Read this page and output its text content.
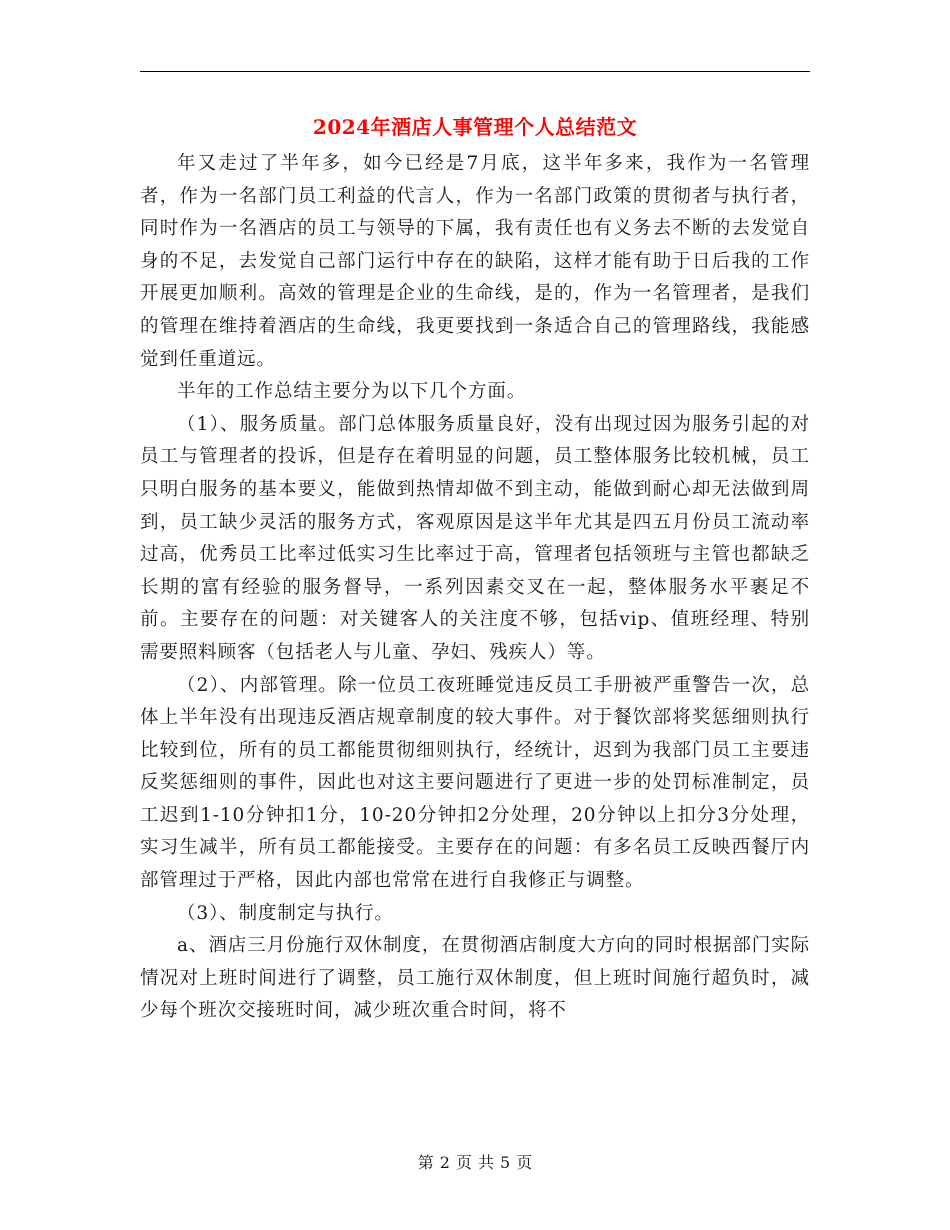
2024年酒店人事管理个人总结范文

年又走过了半年多，如今已经是7月底，这半年多来，我作为一名管理者，作为一名部门员工利益的代言人，作为一名部门政策的贯彻者与执行者，同时作为一名酒店的员工与领导的下属，我有责任也有义务去不断的去发觉自身的不足，去发觉自己部门运行中存在的缺陷，这样才能有助于日后我的工作开展更加顺利。高效的管理是企业的生命线，是的，作为一名管理者，是我们的管理在维持着酒店的生命线，我更要找到一条适合自己的管理路线，我能感觉到任重道远。

半年的工作总结主要分为以下几个方面。

（1）、服务质量。部门总体服务质量良好，没有出现过因为服务引起的对员工与管理者的投诉，但是存在着明显的问题，员工整体服务比较机械，员工只明白服务的基本要义，能做到热情却做不到主动，能做到耐心却无法做到周到，员工缺少灵活的服务方式，客观原因是这半年尤其是四五月份员工流动率过高，优秀员工比率过低实习生比率过于高，管理者包括领班与主管也都缺乏长期的富有经验的服务督导，一系列因素交叉在一起，整体服务水平裹足不前。主要存在的问题：对关键客人的关注度不够，包括vip、值班经理、特别需要照料顾客（包括老人与儿童、孕妇、残疾人）等。

（2）、内部管理。除一位员工夜班睡觉违反员工手册被严重警告一次，总体上半年没有出现违反酒店规章制度的较大事件。对于餐饮部将奖惩细则执行比较到位，所有的员工都能贯彻细则执行，经统计，迟到为我部门员工主要违反奖惩细则的事件，因此也对这主要问题进行了更进一步的处罚标准制定，员工迟到1-10分钟扣1分，10-20分钟扣2分处理，20分钟以上扣分3分处理，实习生减半，所有员工都能接受。主要存在的问题：有多名员工反映西餐厅内部管理过于严格，因此内部也常常在进行自我修正与调整。

（3）、制度制定与执行。

a、酒店三月份施行双休制度，在贯彻酒店制度大方向的同时根据部门实际情况对上班时间进行了调整，员工施行双休制度，但上班时间施行超负时，减少每个班次交接班时间，减少班次重合时间，将不

第 2 页 共 5 页
